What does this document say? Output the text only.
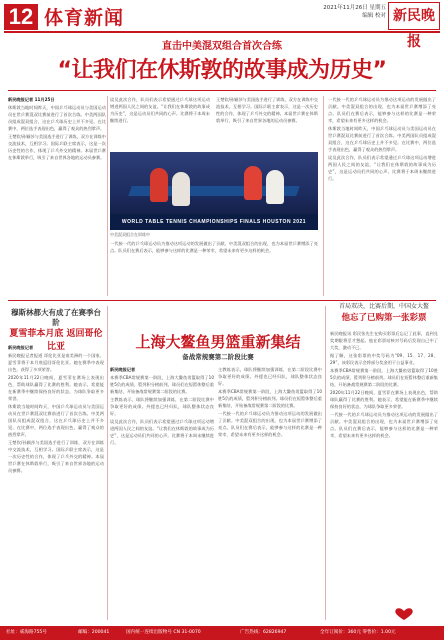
12 体育新闻	2021年11月26日 星期五
编辑 校对 新民晚报
直击中美混双组合首次合练
“让我们在休斯敦的故事成为历史”

新民晚报记者 11月25日

休斯敦当地时间昨天，中国乒乓球运动员与美国运动员在世乒赛混双比赛前进行了首次合练。中美两国队员组成混双组合，这在乒乓球历史上并不多见。在比赛中，两位选手表现出色，赢得了观众的热烈掌声。

王楚钦/孙颖莎与美国选手进行了训练，双方在训练中交流技术，互相学习。国际乒联主席表示，这是一次历史性的合作，体现了乒乓外交的精神。本届世乒赛在休斯敦举行，吸引了来自世界各地的运动员参赛。

谈及此次合作，队员们表示希望通过乒乓球这项运动增进两国人民之间的友谊。“让我们在休斯敦的故事成为历史”，这是运动员们共同的心声。比赛将于本周末继续进行。

王楚钦/孙颖莎与美国选手进行了训练，双方在训练中交流技术，互相学习。国际乒联主席表示，这是一次历史性的合作，体现了乒乓外交的精神。本届世乒赛在休斯敦举行，吸引了来自世界各地的运动员参赛。

一代接一代的乒乓球运动员为推动这项运动的发展做出了贡献。中美混双组合的出现，也为本届世乒赛增添了亮点。队员们在赛后表示，能够参与这样的比赛是一种荣幸，希望未来有更多这样的机会。

休斯敦当地时间昨天，中国乒乓球运动员与美国运动员在世乒赛混双比赛前进行了首次合练。中美两国队员组成混双组合，这在乒乓球历史上并不多见。在比赛中，两位选手表现出色，赢得了观众的热烈掌声。

谈及此次合作，队员们表示希望通过乒乓球这项运动增进两国人民之间的友谊。“让我们在休斯敦的故事成为历史”，这是运动员们共同的心声。比赛将于本周末继续进行。

WORLD TABLE TENNIS CHAMPIONSHIPS FINALS HOUSTON 2021
中美混双组合在训练中

一代接一代的乒乓球运动员为推动这项运动的发展做出了贡献。中美混双组合的出现，也为本届世乒赛增添了亮点。队员们在赛后表示，能够参与这样的比赛是一种荣幸，希望未来有更多这样的机会。

穆斯林都大有成了在赛季台阶
夏雪菲本月底 返回哥伦比亚

新民晚报记者

新民晚报记者报道 哥伦比亚是南美洲的一个国家，夏雪菲将于本月底返回哥伦比亚。她在赛季中表现出色，获得了多项荣誉。

2020年11月22日晚间，夏雪菲在赛场上表现出色，帮助球队赢得了比赛的胜利。她表示，希望能在新赛季中继续保持良好的状态，为球队争取更多荣誉。

休斯敦当地时间昨天，中国乒乓球运动员与美国运动员在世乒赛混双比赛前进行了首次合练。中美两国队员组成混双组合，这在乒乓球历史上并不多见。在比赛中，两位选手表现出色，赢得了观众的热烈掌声。

王楚钦/孙颖莎与美国选手进行了训练，双方在训练中交流技术，互相学习。国际乒联主席表示，这是一次历史性的合作，体现了乒乓外交的精神。本届世乒赛在休斯敦举行，吸引了来自世界各地的运动员参赛。

上海大鳌鱼男篮重新集结
备战常规赛第二阶段比赛

新民晚报记者

本赛季CBA常规赛第一阶段，上海大鳌鱼男篮取得了10胜5负的成绩，暂列积分榜前列。球员们在短暂休整后重新集结，开始备战常规赛第二阶段的比赛。

主教练表示，球队将继续加强训练，在第二阶段比赛中争取更好的成绩。外援也已经归队，球队整体状态良好。

谈及此次合作，队员们表示希望通过乒乓球这项运动增进两国人民之间的友谊。“让我们在休斯敦的故事成为历史”，这是运动员们共同的心声。比赛将于本周末继续进行。

主教练表示，球队将继续加强训练，在第二阶段比赛中争取更好的成绩。外援也已经归队，球队整体状态良好。

本赛季CBA常规赛第一阶段，上海大鳌鱼男篮取得了10胜5负的成绩，暂列积分榜前列。球员们在短暂休整后重新集结，开始备战常规赛第二阶段的比赛。

一代接一代的乒乓球运动员为推动这项运动的发展做出了贡献。中美混双组合的出现，也为本届世乒赛增添了亮点。队员们在赛后表示，能够参与这样的比赛是一种荣幸，希望未来有更多这样的机会。

首局双决，比赛后期，中国女大鳌
他忘了已购第一张彩票

新民晚报讯 彩民张先生在购买彩票后忘记了此事，直到兑奖期限将至才想起。他在彩票站核对号码后发现自己中了大奖，激动不已。

据了解，这张彩票的中奖号码为“09、15、17、28、29”，该彩民表示会将部分奖金用于公益事业。

本赛季CBA常规赛第一阶段，上海大鳌鱼男篮取得了10胜5负的成绩，暂列积分榜前列。球员们在短暂休整后重新集结，开始备战常规赛第二阶段的比赛。

2020年11月22日晚间，夏雪菲在赛场上表现出色，帮助球队赢得了比赛的胜利。她表示，希望能在新赛季中继续保持良好的状态，为球队争取更多荣誉。

一代接一代的乒乓球运动员为推动这项运动的发展做出了贡献。中美混双组合的出现，也为本届世乒赛增添了亮点。队员们在赛后表示，能够参与这样的比赛是一种荣幸，希望未来有更多这样的机会。

社址：威海路755号	邮编：200041	国内统一连续出版物号 CN 31-0070	广告热线：62826947	全年订阅价：360元 零售价：1.00元
